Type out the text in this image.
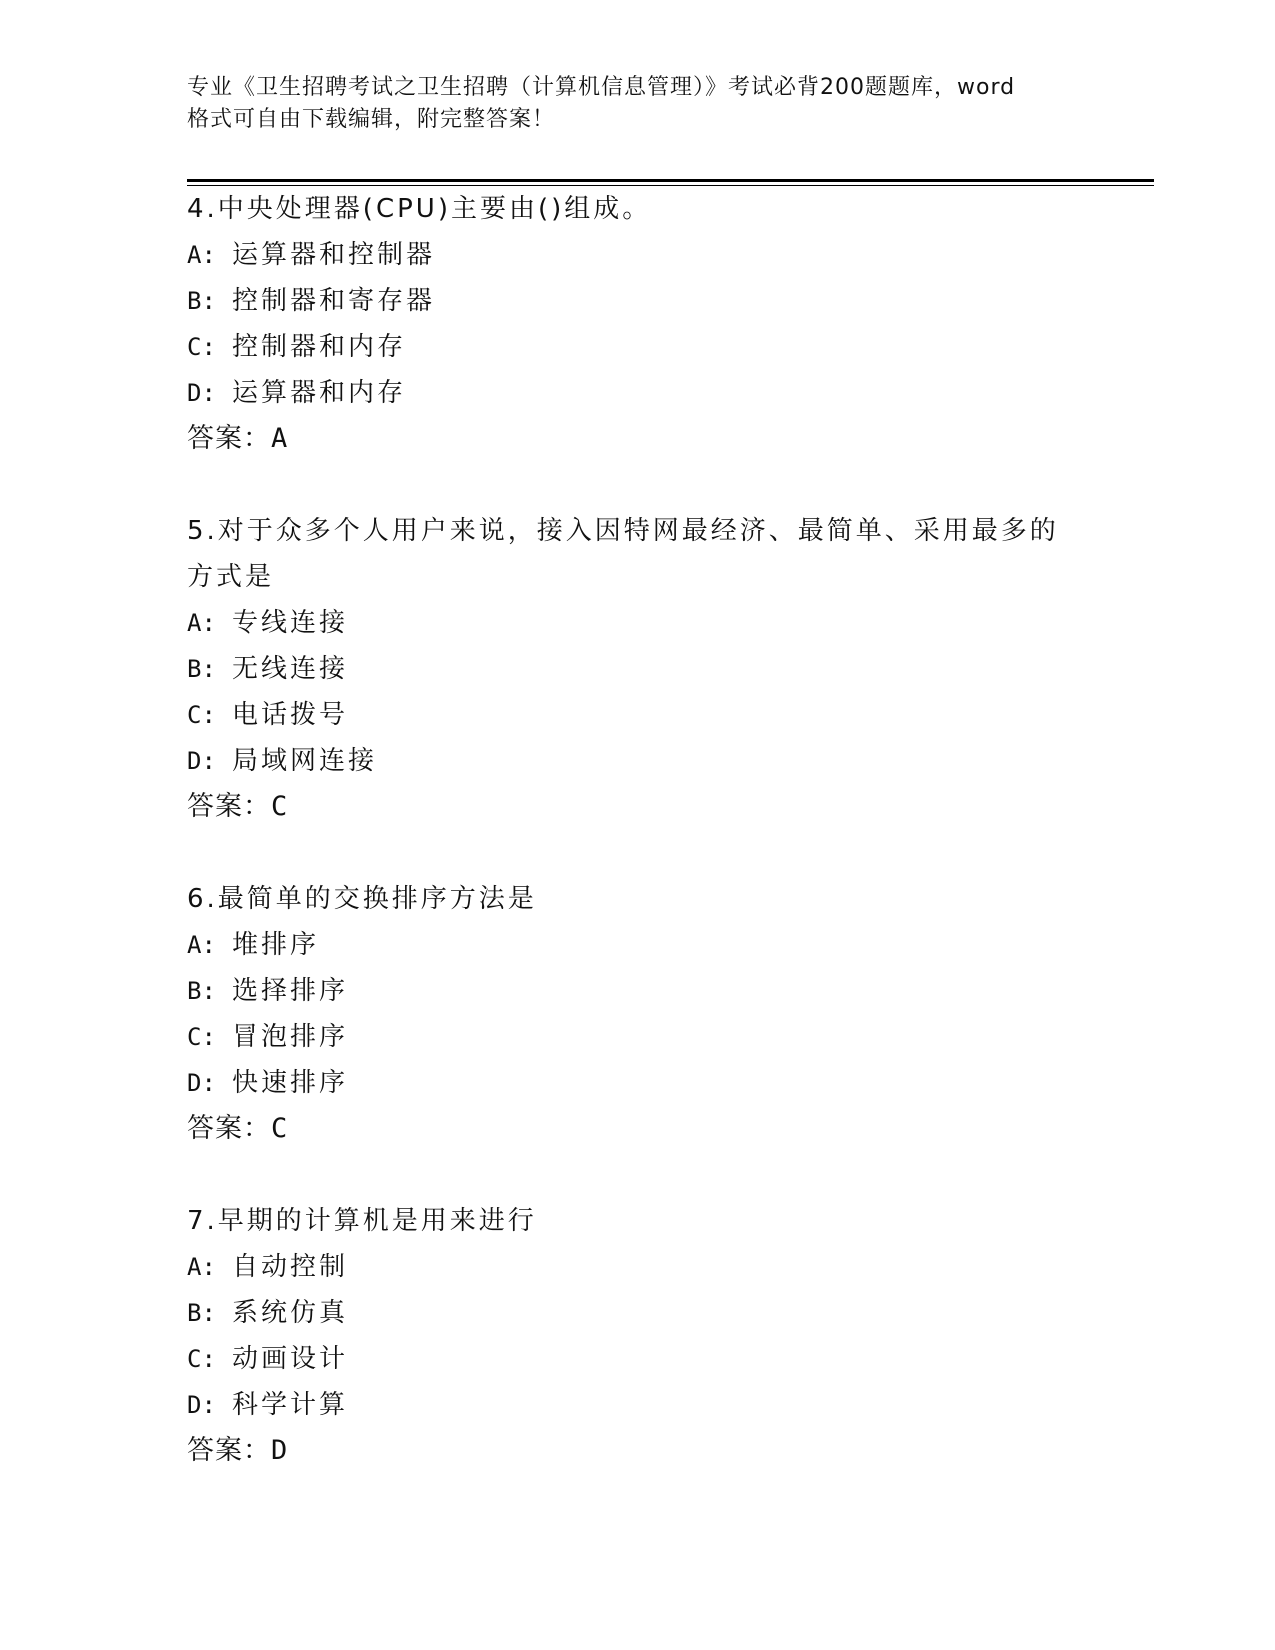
专业《卫生招聘考试之卫生招聘（计算机信息管理）》考试必背200题题库，word
格式可自由下载编辑，附完整答案！
4.中央处理器(CPU)主要由()组成。
A: 运算器和控制器
B: 控制器和寄存器
C: 控制器和内存
D: 运算器和内存
答案：A
5.对于众多个人用户来说，接入因特网最经济、最简单、采用最多的
方式是
A: 专线连接
B: 无线连接
C: 电话拨号
D: 局域网连接
答案：C
6.最简单的交换排序方法是
A: 堆排序
B: 选择排序
C: 冒泡排序
D: 快速排序
答案：C
7.早期的计算机是用来进行
A: 自动控制
B: 系统仿真
C: 动画设计
D: 科学计算
答案：D
